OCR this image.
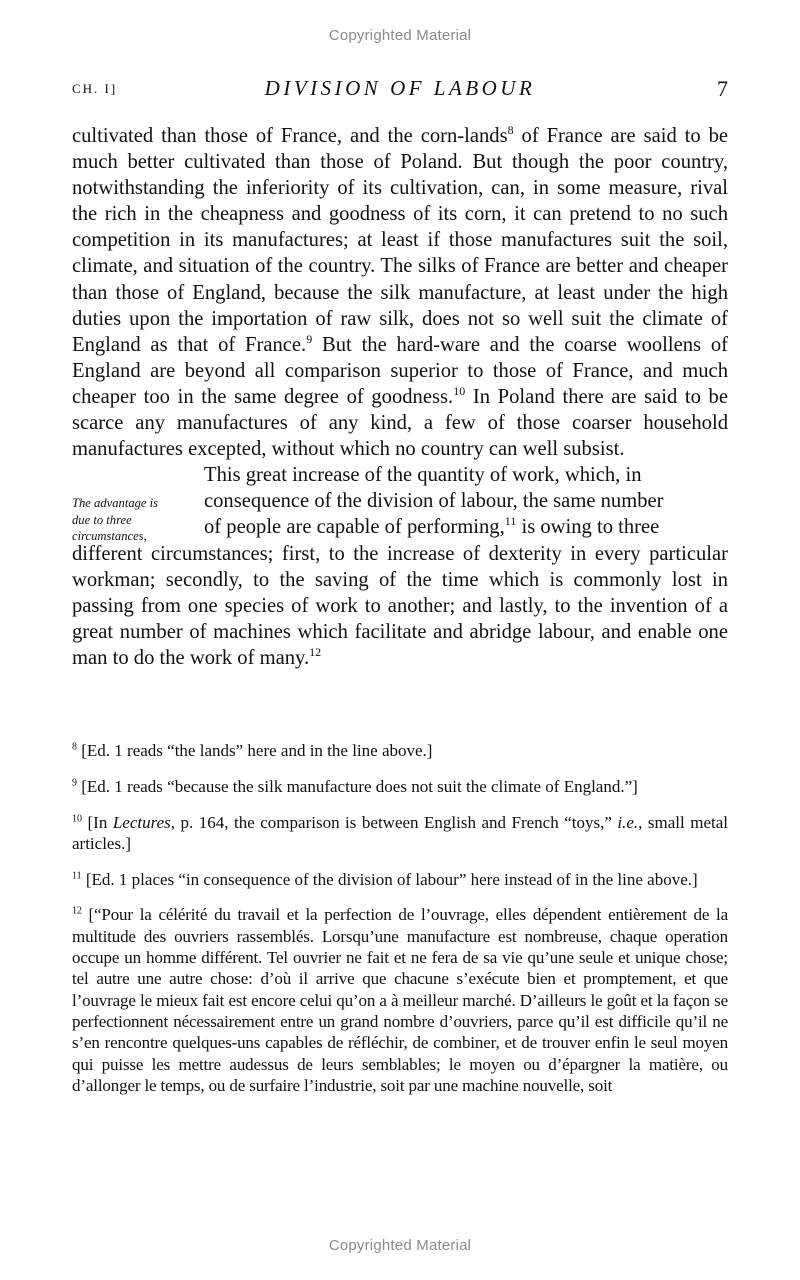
Copyrighted Material
CH. I]	DIVISION OF LABOUR	7

cultivated than those of France, and the corn-lands$^8$ of France are said to be much better cultivated than those of Poland. But though the poor country, notwithstanding the inferiority of its cultivation, can, in some measure, rival the rich in the cheapness and goodness of its corn, it can pretend to no such competition in its manufactures; at least if those manufactures suit the soil, climate, and situation of the country. The silks of France are better and cheaper than those of England, because the silk manufacture, at least under the high duties upon the importation of raw silk, does not so well suit the climate of England as that of France.$^9$ But the hard-ware and the coarse woollens of England are beyond all comparison superior to those of France, and much cheaper too in the same degree of goodness.$^{10}$ In Poland there are said to be scarce any manufactures of any kind, a few of those coarser household manufactures excepted, without which no country can well subsist.

This great increase of the quantity of work, which, in
consequence of the division of labour, the same number
of people are capable of performing,$^{11}$ is owing to three
different circumstances; first, to the increase of dexterity in every particular workman; secondly, to the saving of the time which is commonly lost in passing from one species of work to another; and lastly, to the invention of a great number of machines which facilitate and abridge labour, and enable one man to do the work of many.$^{12}$

The advantage is
due to three
circumstances,

$^8$ [Ed. 1 reads “the lands” here and in the line above.]

$^9$ [Ed. 1 reads “because the silk manufacture does not suit the climate of England.”]

$^{10}$ [In Lectures, p. 164, the comparison is between English and French “toys,” i.e., small metal articles.]

$^{11}$ [Ed. 1 places “in consequence of the division of labour” here instead of in the line above.]

$^{12}$ [“Pour la célérité du travail et la perfection de l’ouvrage, elles dépendent entièrement de la multitude des ouvriers rassemblés. Lorsqu’une manufacture est nombreuse, chaque operation occupe un homme différent. Tel ouvrier ne fait et ne fera de sa vie qu’une seule et unique chose; tel autre une autre chose: d’où il arrive que chacune s’exécute bien et promptement, et que l’ouvrage le mieux fait est encore celui qu’on a à meilleur marché. D’ailleurs le goût et la façon se perfectionnent nécessairement entre un grand nombre d’ouvriers, parce qu’il est difficile qu’il ne s’en rencontre quelques-uns capables de réfléchir, de combiner, et de trouver enfin le seul moyen qui puisse les mettre audessus de leurs semblables; le moyen ou d’épargner la matière, ou d’allonger le temps, ou de surfaire l’industrie, soit par une machine nouvelle, soit

Copyrighted Material
